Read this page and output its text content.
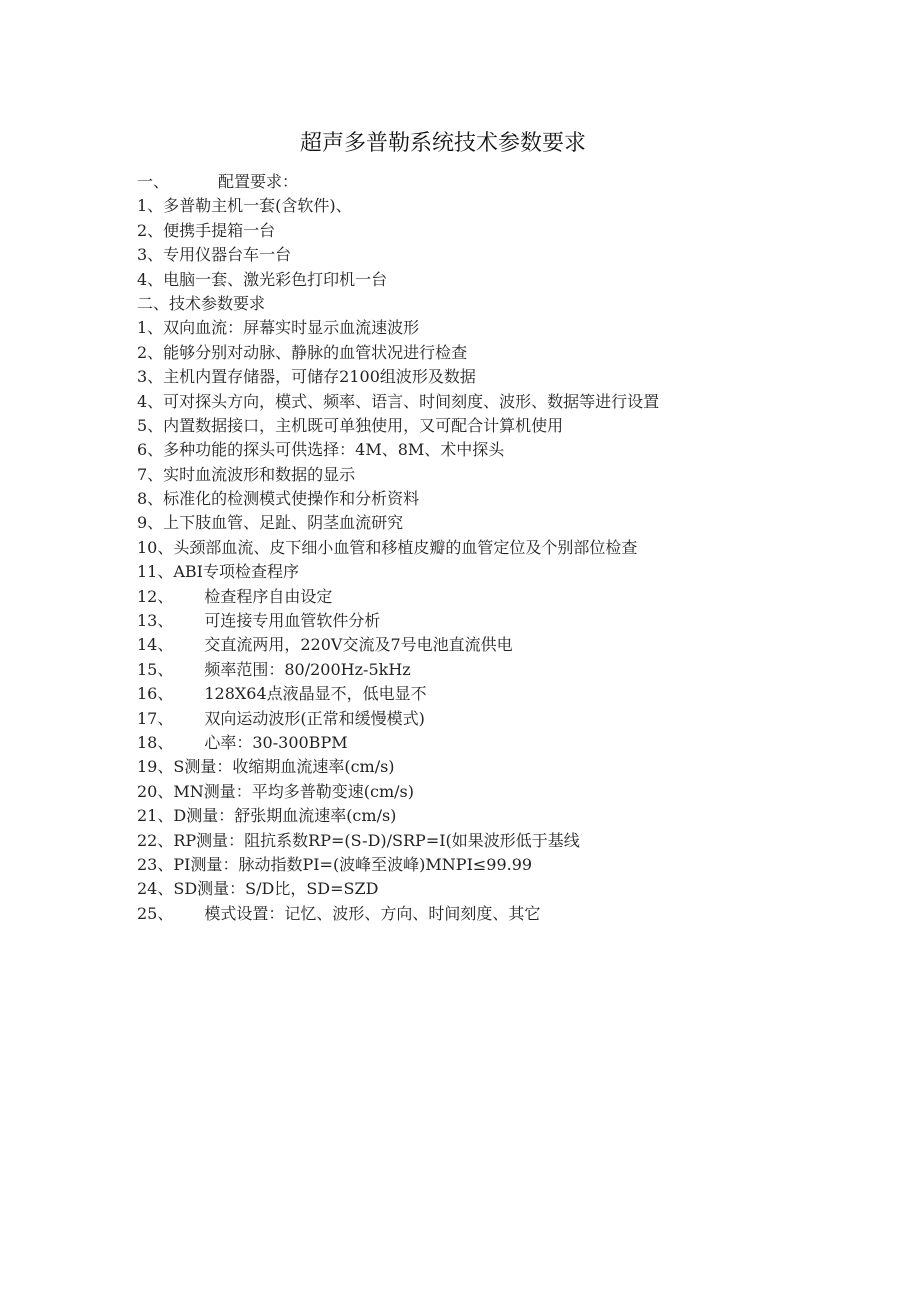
超声多普勒系统技术参数要求
一、	配置要求：
1、多普勒主机一套(含软件)、
2、便携手提箱一台
3、专用仪器台车一台
4、电脑一套、激光彩色打印机一台
二、技术参数要求
1、双向血流：屏幕实时显示血流速波形
2、能够分别对动脉、静脉的血管状况进行检查
3、主机内置存储器，可储存2100组波形及数据
4、可对探头方向，模式、频率、语言、时间刻度、波形、数据等进行设置
5、内置数据接口，主机既可单独使用，又可配合计算机使用
6、多种功能的探头可供选择：4M、8M、术中探头
7、实时血流波形和数据的显示
8、标准化的检测模式使操作和分析资料
9、上下肢血管、足趾、阴茎血流研究
10、头颈部血流、皮下细小血管和移植皮瓣的血管定位及个别部位检查
11、ABI专项检查程序
12、 检查程序自由设定
13、 可连接专用血管软件分析
14、 交直流两用，220V交流及7号电池直流供电
15、 频率范围：80∕200Hz-5kHz
16、 128X64点液晶显不，低电显不
17、 双向运动波形(正常和缓慢模式)
18、 心率：30-300BPM
19、S测量：收缩期血流速率(cm∕s)
20、MN测量：平均多普勒变速(cm∕s)
21、D测量：舒张期血流速率(cm∕s)
22、RP测量：阻抗系数RP=(S-D)/SRP=I(如果波形低于基线
23、PI测量：脉动指数PI=(波峰至波峰)MNPI≤99.99
24、SD测量：S/D比，SD=SZD
25、 模式设置：记忆、波形、方向、时间刻度、其它
